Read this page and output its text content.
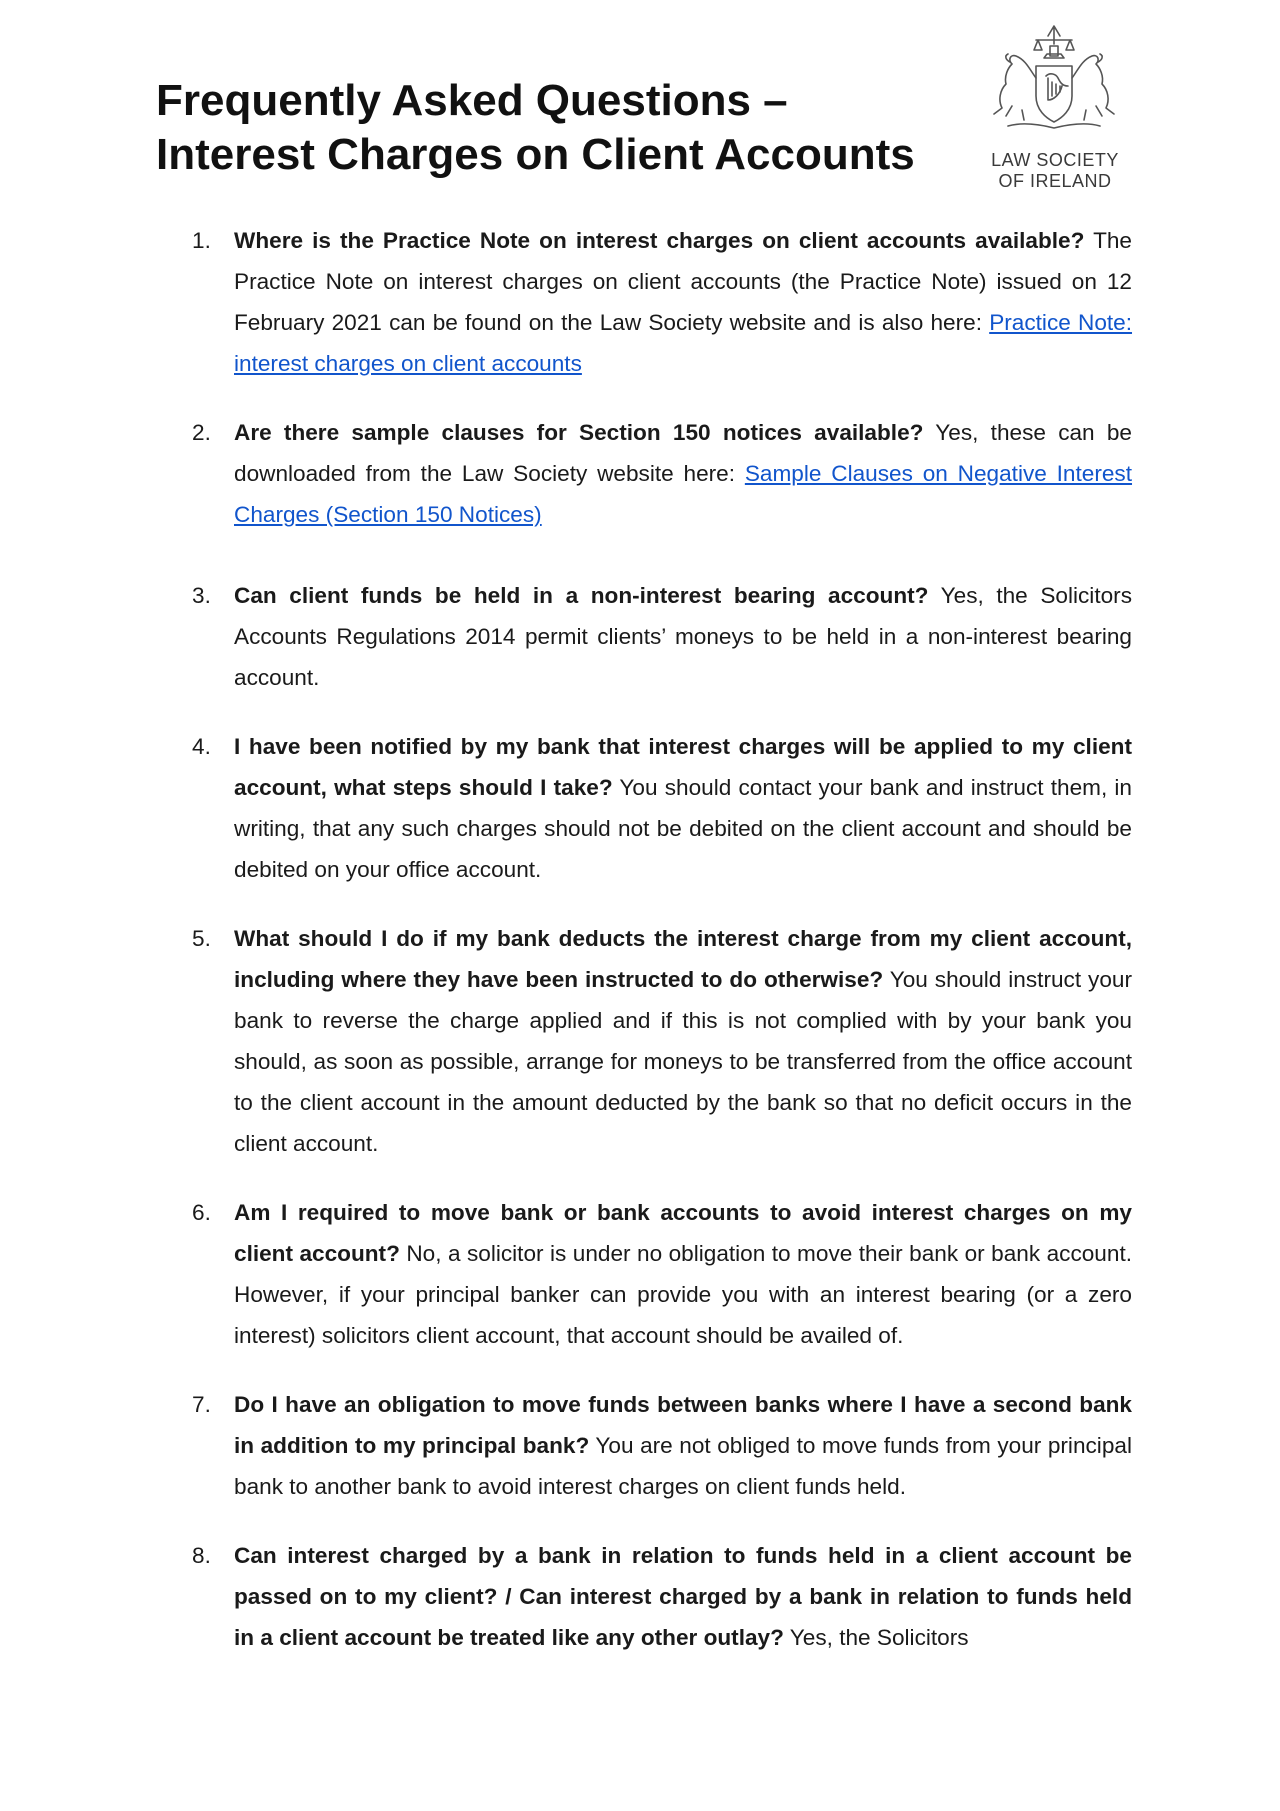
Frequently Asked Questions – Interest Charges on Client Accounts	LAW SOCIETY
OF IRELAND
1.	Where is the Practice Note on interest charges on client accounts available? The Practice Note on interest charges on client accounts (the Practice Note) issued on 12 February 2021 can be found on the Law Society website and is also here: Practice Note: interest charges on client accounts
2.	Are there sample clauses for Section 150 notices available? Yes, these can be downloaded from the Law Society website here: Sample Clauses on Negative Interest Charges (Section 150 Notices)
3.	Can client funds be held in a non-interest bearing account? Yes, the Solicitors Accounts Regulations 2014 permit clients’ moneys to be held in a non-interest bearing account.
4.	I have been notified by my bank that interest charges will be applied to my client account, what steps should I take? You should contact your bank and instruct them, in writing, that any such charges should not be debited on the client account and should be debited on your office account.
5.	What should I do if my bank deducts the interest charge from my client account, including where they have been instructed to do otherwise? You should instruct your bank to reverse the charge applied and if this is not complied with by your bank you should, as soon as possible, arrange for moneys to be transferred from the office account to the client account in the amount deducted by the bank so that no deficit occurs in the client account.
6.	Am I required to move bank or bank accounts to avoid interest charges on my client account? No, a solicitor is under no obligation to move their bank or bank account. However, if your principal banker can provide you with an interest bearing (or a zero interest) solicitors client account, that account should be availed of.
7.	Do I have an obligation to move funds between banks where I have a second bank in addition to my principal bank? You are not obliged to move funds from your principal bank to another bank to avoid interest charges on client funds held.
8.	Can interest charged by a bank in relation to funds held in a client account be passed on to my client? / Can interest charged by a bank in relation to funds held in a client account be treated like any other outlay? Yes, the Solicitors
